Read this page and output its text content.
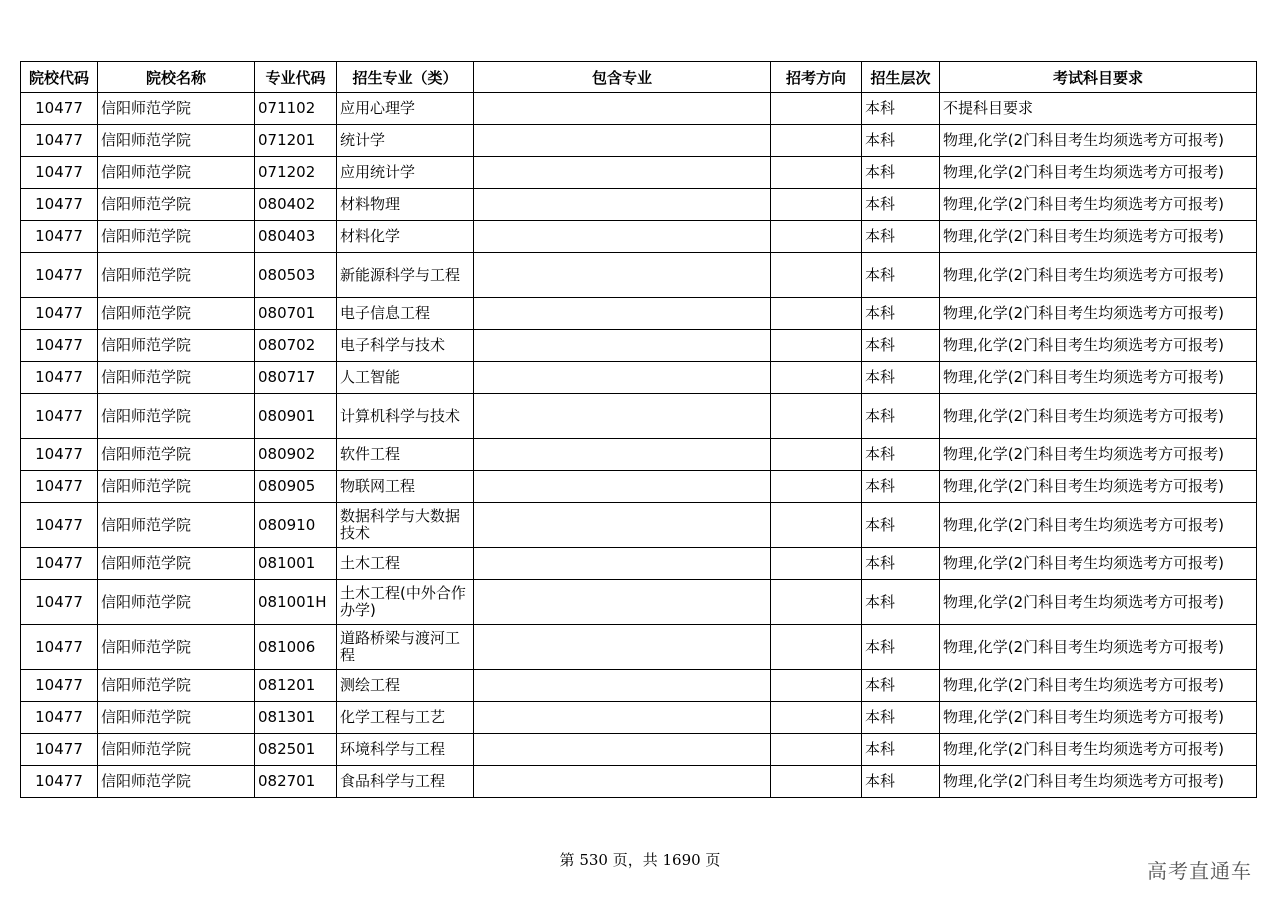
院校代码	院校名称	专业代码	招生专业（类）	包含专业	招考方向	招生层次	考试科目要求
10477	信阳师范学院	071102	应用心理学			本科	不提科目要求
10477	信阳师范学院	071201	统计学			本科	物理,化学(2门科目考生均须选考方可报考)
10477	信阳师范学院	071202	应用统计学			本科	物理,化学(2门科目考生均须选考方可报考)
10477	信阳师范学院	080402	材料物理			本科	物理,化学(2门科目考生均须选考方可报考)
10477	信阳师范学院	080403	材料化学			本科	物理,化学(2门科目考生均须选考方可报考)
10477	信阳师范学院	080503	新能源科学与工程			本科	物理,化学(2门科目考生均须选考方可报考)
10477	信阳师范学院	080701	电子信息工程			本科	物理,化学(2门科目考生均须选考方可报考)
10477	信阳师范学院	080702	电子科学与技术			本科	物理,化学(2门科目考生均须选考方可报考)
10477	信阳师范学院	080717	人工智能			本科	物理,化学(2门科目考生均须选考方可报考)
10477	信阳师范学院	080901	计算机科学与技术			本科	物理,化学(2门科目考生均须选考方可报考)
10477	信阳师范学院	080902	软件工程			本科	物理,化学(2门科目考生均须选考方可报考)
10477	信阳师范学院	080905	物联网工程			本科	物理,化学(2门科目考生均须选考方可报考)
10477	信阳师范学院	080910	数据科学与大数据技术			本科	物理,化学(2门科目考生均须选考方可报考)
10477	信阳师范学院	081001	土木工程			本科	物理,化学(2门科目考生均须选考方可报考)
10477	信阳师范学院	081001H	土木工程(中外合作办学)			本科	物理,化学(2门科目考生均须选考方可报考)
10477	信阳师范学院	081006	道路桥梁与渡河工程			本科	物理,化学(2门科目考生均须选考方可报考)
10477	信阳师范学院	081201	测绘工程			本科	物理,化学(2门科目考生均须选考方可报考)
10477	信阳师范学院	081301	化学工程与工艺			本科	物理,化学(2门科目考生均须选考方可报考)
10477	信阳师范学院	082501	环境科学与工程			本科	物理,化学(2门科目考生均须选考方可报考)
10477	信阳师范学院	082701	食品科学与工程			本科	物理,化学(2门科目考生均须选考方可报考)
第 530 页，共 1690 页	高考直通车
